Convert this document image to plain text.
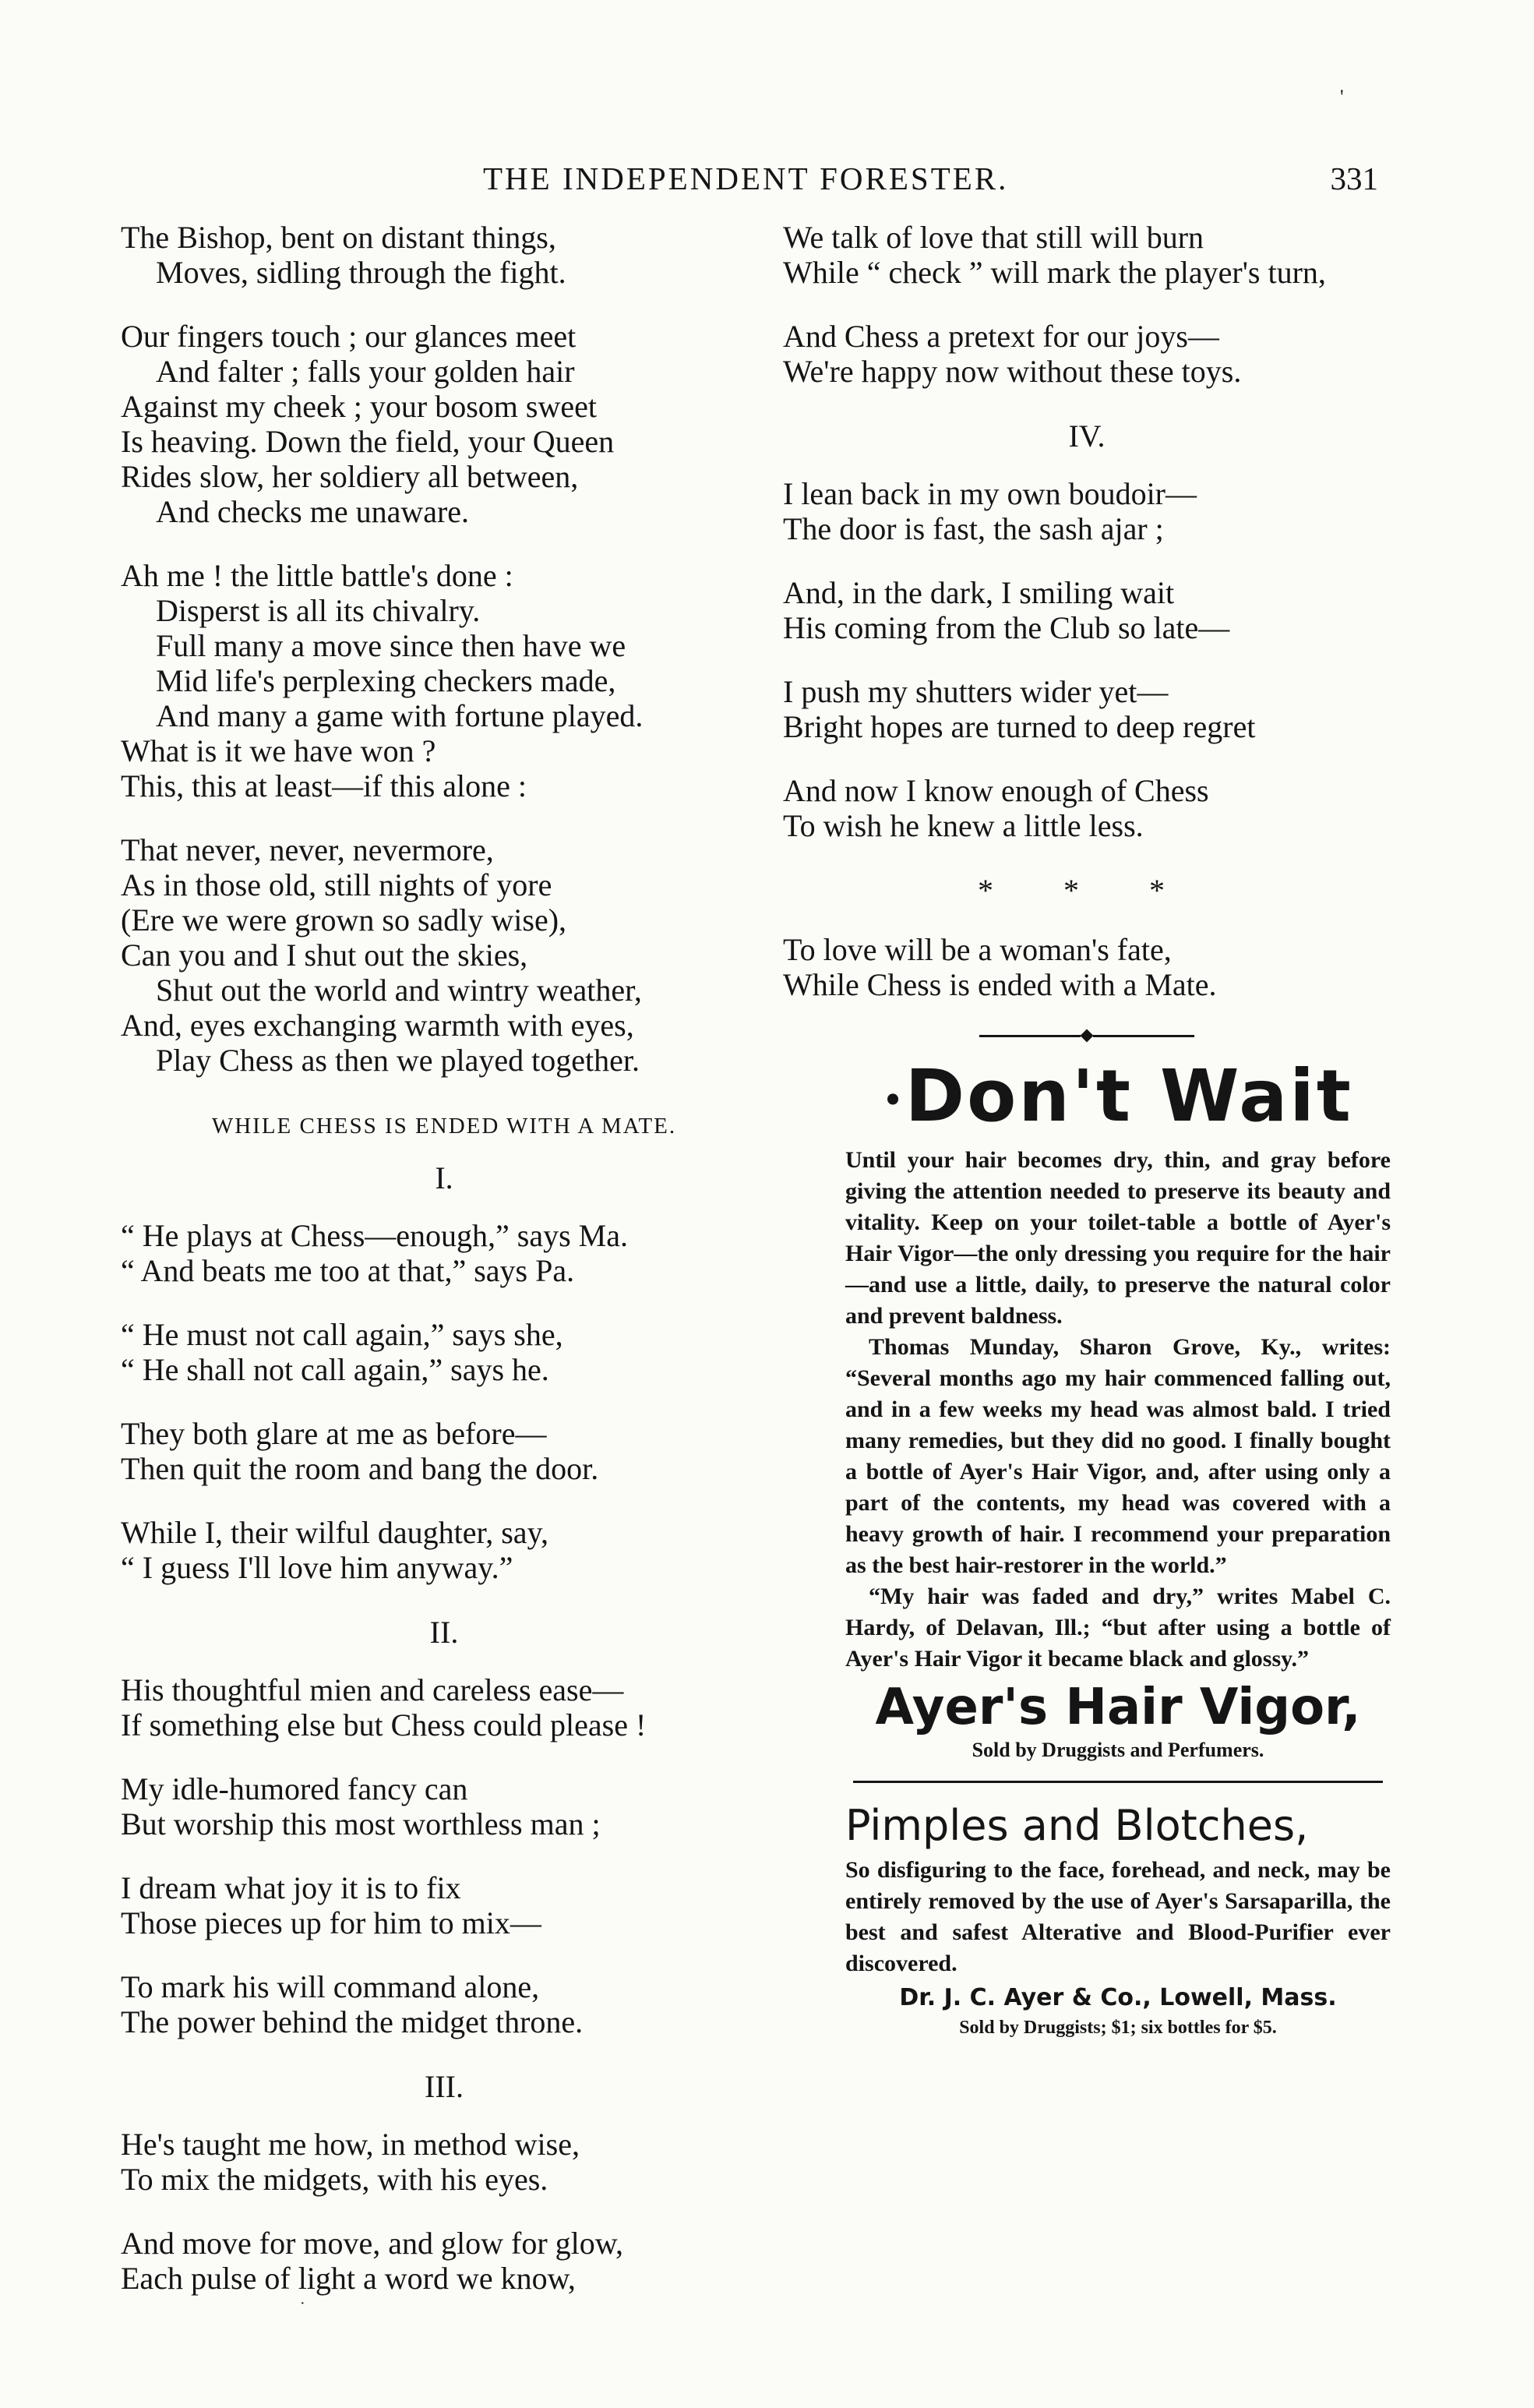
'
THE INDEPENDENT FORESTER.	331
The Bishop, bent on distant things,
Moves, sidling through the fight.
Our fingers touch ; our glances meet
And falter ; falls your golden hair
Against my cheek ; your bosom sweet
Is heaving. Down the field, your Queen
Rides slow, her soldiery all between,
And checks me unaware.
Ah me ! the little battle's done :
Disperst is all its chivalry.
Full many a move since then have we
Mid life's perplexing checkers made,
And many a game with fortune played.
What is it we have won ?
This, this at least—if this alone :
That never, never, nevermore,
As in those old, still nights of yore
(Ere we were grown so sadly wise),
Can you and I shut out the skies,
Shut out the world and wintry weather,
And, eyes exchanging warmth with eyes,
Play Chess as then we played together.
WHILE CHESS IS ENDED WITH A MATE.
I.
“ He plays at Chess—enough,” says Ma.
“ And beats me too at that,” says Pa.
“ He must not call again,” says she,
“ He shall not call again,” says he.
They both glare at me as before—
Then quit the room and bang the door.
While I, their wilful daughter, say,
“ I guess I'll love him anyway.”
II.
His thoughtful mien and careless ease—
If something else but Chess could please !
My idle-humored fancy can
But worship this most worthless man ;
I dream what joy it is to fix
Those pieces up for him to mix—
To mark his will command alone,
The power behind the midget throne.
III.
He's taught me how, in method wise,
To mix the midgets, with his eyes.
And move for move, and glow for glow,
Each pulse of light a word we know,
We talk of love that still will burn
While “ check ” will mark the player's turn,
And Chess a pretext for our joys—
We're happy now without these toys.
IV.
I lean back in my own boudoir—
The door is fast, the sash ajar ;
And, in the dark, I smiling wait
His coming from the Club so late—
I push my shutters wider yet—
Bright hopes are turned to deep regret
And now I know enough of Chess
To wish he knew a little less.
* * *
To love will be a woman's fate,
While Chess is ended with a Mate.
•Don't Wait

Until your hair becomes dry, thin, and gray before giving the attention needed to preserve its beauty and vitality. Keep on your toilet-table a bottle of Ayer's Hair Vigor—the only dressing you require for the hair—and use a little, daily, to preserve the natural color and prevent baldness.

Thomas Munday, Sharon Grove, Ky., writes: “Several months ago my hair commenced falling out, and in a few weeks my head was almost bald. I tried many remedies, but they did no good. I finally bought a bottle of Ayer's Hair Vigor, and, after using only a part of the contents, my head was covered with a heavy growth of hair. I recommend your preparation as the best hair-restorer in the world.”

“My hair was faded and dry,” writes Mabel C. Hardy, of Delavan, Ill.; “but after using a bottle of Ayer's Hair Vigor it became black and glossy.”

Ayer's Hair Vigor,
Sold by Druggists and Perfumers.
Pimples and Blotches,
So disfiguring to the face, forehead, and neck, may be entirely removed by the use of Ayer's Sarsaparilla, the best and safest Alterative and Blood-Purifier ever discovered.
Dr. J. C. Ayer & Co., Lowell, Mass.
Sold by Druggists; $1; six bottles for $5.
·
